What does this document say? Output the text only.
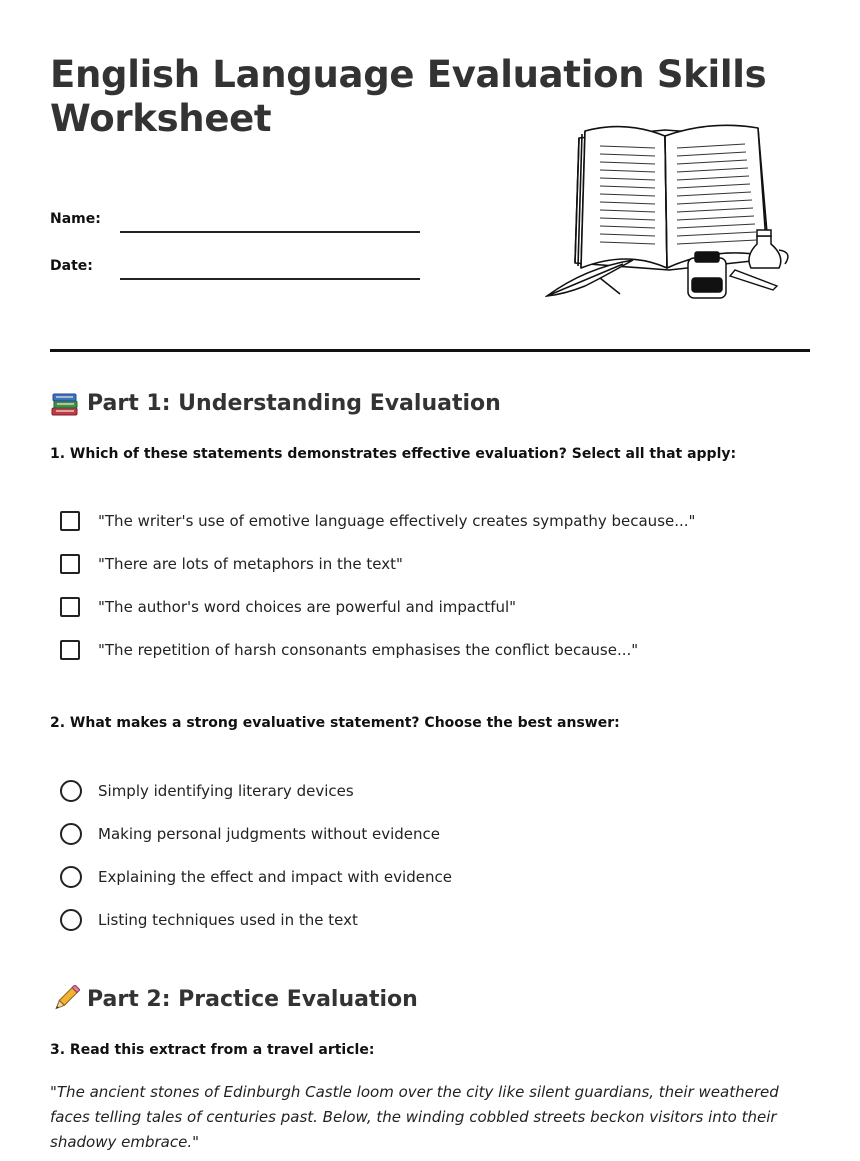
English Language Evaluation Skills Worksheet
Name:
Date:
Part 1: Understanding Evaluation

1. Which of these statements demonstrates effective evaluation? Select all that apply:

"The writer's use of emotive language effectively creates sympathy because..."
"There are lots of metaphors in the text"
"The author's word choices are powerful and impactful"
"The repetition of harsh consonants emphasises the conflict because..."

2. What makes a strong evaluative statement? Choose the best answer:

Simply identifying literary devices
Making personal judgments without evidence
Explaining the effect and impact with evidence
Listing techniques used in the text
Part 2: Practice Evaluation

3. Read this extract from a travel article:

"The ancient stones of Edinburgh Castle loom over the city like silent guardians, their weathered faces telling tales of centuries past. Below, the winding cobbled streets beckon visitors into their shadowy embrace."
